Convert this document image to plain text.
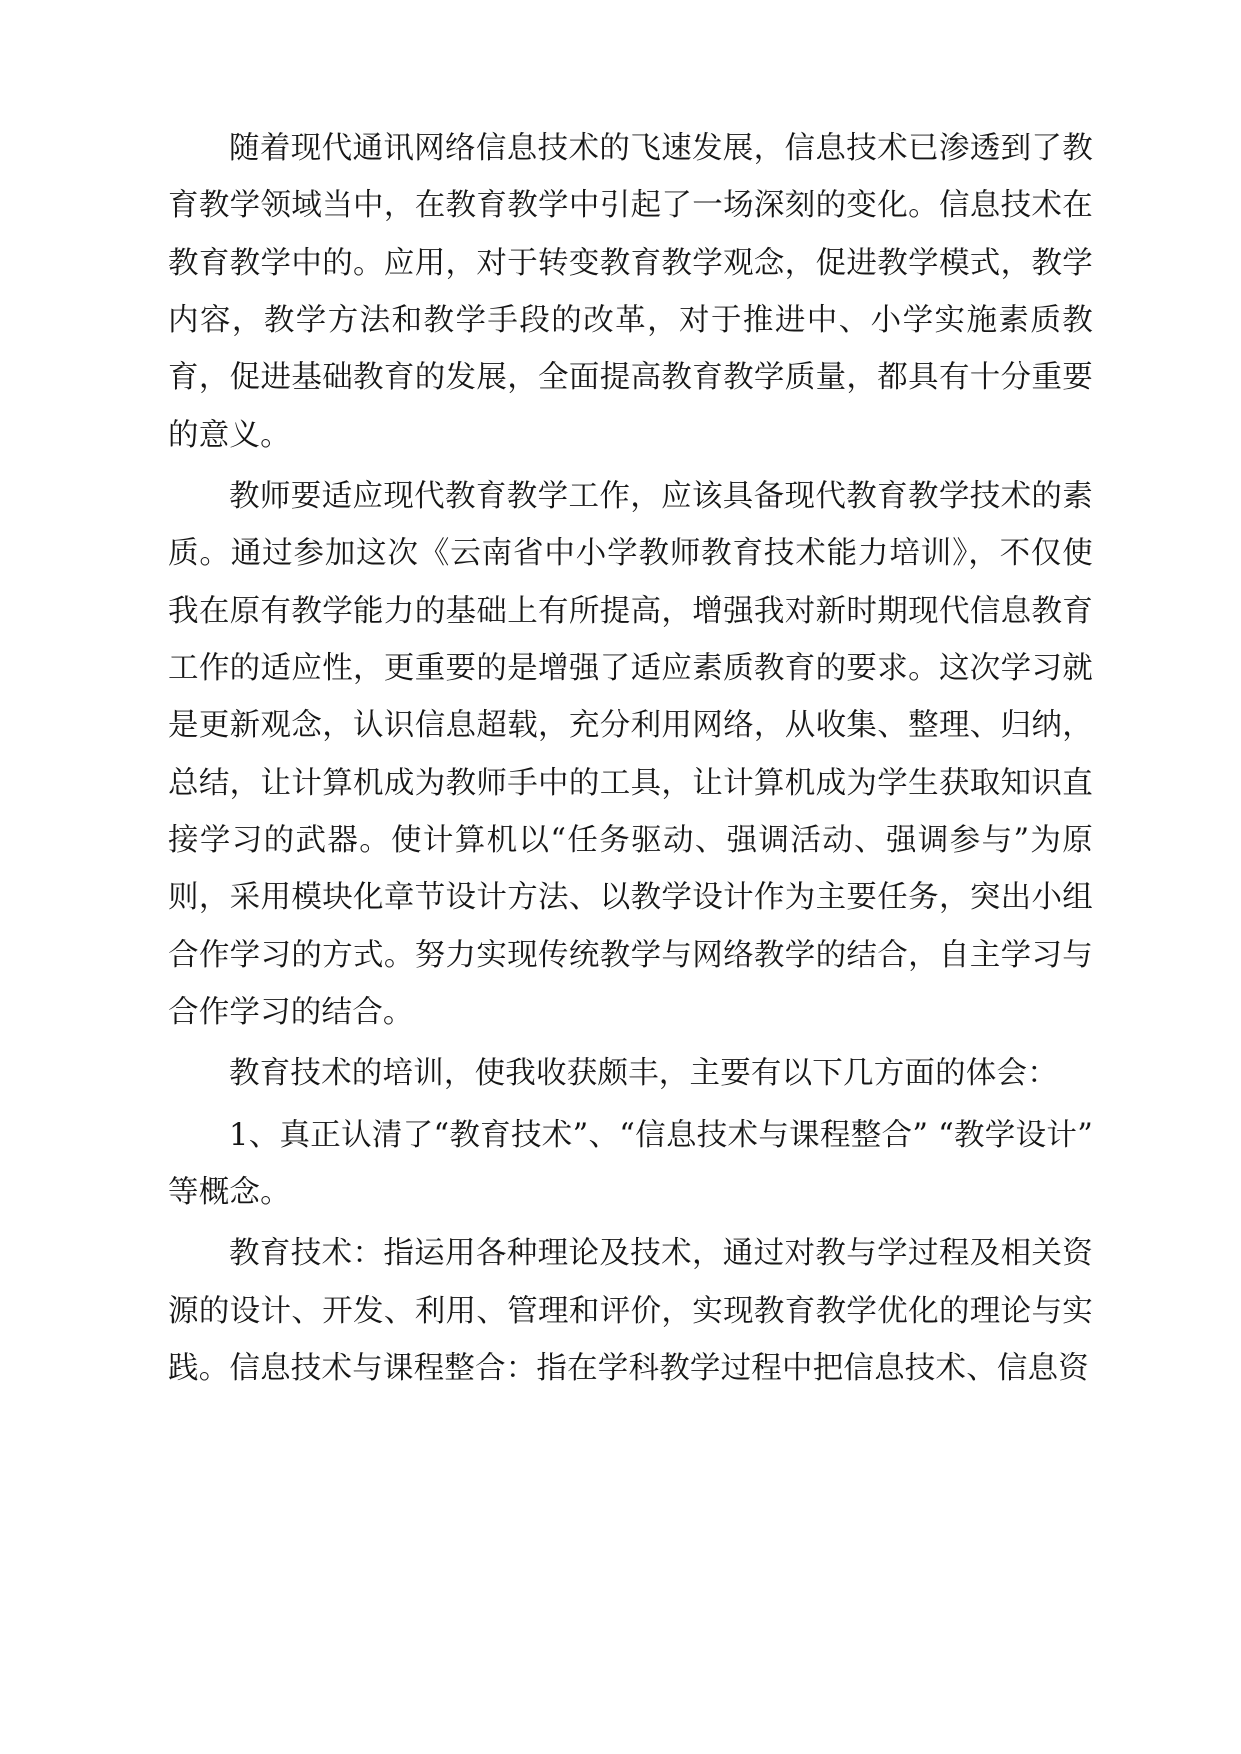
随着现代通讯网络信息技术的飞速发展，信息技术已渗透到了教育教学领域当中，在教育教学中引起了一场深刻的变化。信息技术在教育教学中的。应用，对于转变教育教学观念，促进教学模式，教学内容，教学方法和教学手段的改革，对于推进中、小学实施素质教育，促进基础教育的发展，全面提高教育教学质量，都具有十分重要的意义。

教师要适应现代教育教学工作，应该具备现代教育教学技术的素质。通过参加这次《云南省中小学教师教育技术能力培训》，不仅使我在原有教学能力的基础上有所提高，增强我对新时期现代信息教育工作的适应性，更重要的是增强了适应素质教育的要求。这次学习就是更新观念，认识信息超载，充分利用网络，从收集、整理、归纳，总结，让计算机成为教师手中的工具，让计算机成为学生获取知识直接学习的武器。使计算机以“任务驱动、强调活动、强调参与”为原则，采用模块化章节设计方法、以教学设计作为主要任务，突出小组合作学习的方式。努力实现传统教学与网络教学的结合，自主学习与合作学习的结合。

教育技术的培训，使我收获颇丰，主要有以下几方面的体会：

1、真正认清了“教育技术”、“信息技术与课程整合” “教学设计”等概念。

教育技术：指运用各种理论及技术，通过对教与学过程及相关资源的设计、开发、利用、管理和评价，实现教育教学优化的理论与实践。信息技术与课程整合：指在学科教学过程中把信息技术、信息资
